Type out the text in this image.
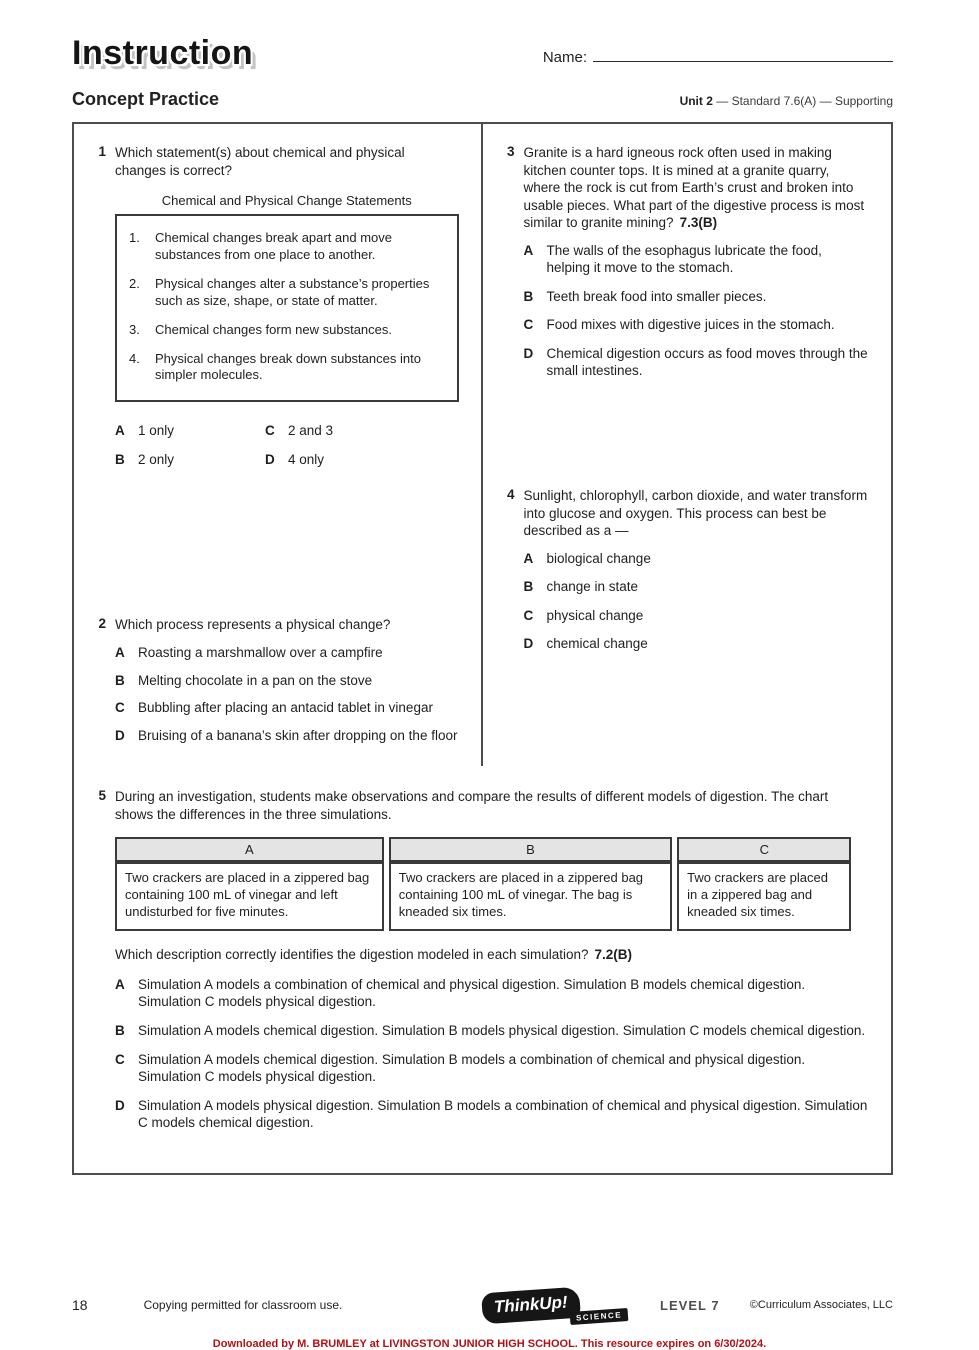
Instruction	Name:
Concept Practice	Unit 2 — Standard 7.6(A) — Supporting
1 Which statement(s) about chemical and physical changes is correct?

Chemical and Physical Change Statements

1. Chemical changes break apart and move substances from one place to another.
2. Physical changes alter a substance’s properties such as size, shape, or state of matter.
3. Chemical changes form new substances.
4. Physical changes break down substances into simpler molecules.
A 1 only	C 2 and 3
B 2 only	D 4 only
2 Which process represents a physical change?

A Roasting a marshmallow over a campfire
B Melting chocolate in a pan on the stove
C Bubbling after placing an antacid tablet in vinegar
D Bruising of a banana’s skin after dropping on the floor
3 Granite is a hard igneous rock often used in making kitchen counter tops. It is mined at a granite quarry, where the rock is cut from Earth’s crust and broken into usable pieces. What part of the digestive process is most similar to granite mining? 7.3(B)

A The walls of the esophagus lubricate the food, helping it move to the stomach.
B Teeth break food into smaller pieces.
C Food mixes with digestive juices in the stomach.
D Chemical digestion occurs as food moves through the small intestines.
4 Sunlight, chlorophyll, carbon dioxide, and water transform into glucose and oxygen. This process can best be described as a —

A biological change
B change in state
C physical change
D chemical change
5 During an investigation, students make observations and compare the results of different models of digestion. The chart shows the differences in the three simulations.

A	B	C
Two crackers are placed in a zippered bag containing 100 mL of vinegar and left undisturbed for five minutes.	Two crackers are placed in a zippered bag containing 100 mL of vinegar. The bag is kneaded six times.	Two crackers are placed in a zippered bag and kneaded six times.

Which description correctly identifies the digestion modeled in each simulation? 7.2(B)

A Simulation A models a combination of chemical and physical digestion. Simulation B models chemical digestion. Simulation C models physical digestion.
B Simulation A models chemical digestion. Simulation B models physical digestion. Simulation C models chemical digestion.
C Simulation A models chemical digestion. Simulation B models a combination of chemical and physical digestion. Simulation C models physical digestion.
D Simulation A models physical digestion. Simulation B models a combination of chemical and physical digestion. Simulation C models chemical digestion.
18	Copying permitted for classroom use.	ThinkUp! SCIENCE
LEVEL 7	©Curriculum Associates, LLC
Downloaded by M. BRUMLEY at LIVINGSTON JUNIOR HIGH SCHOOL. This resource expires on 6/30/2024.
